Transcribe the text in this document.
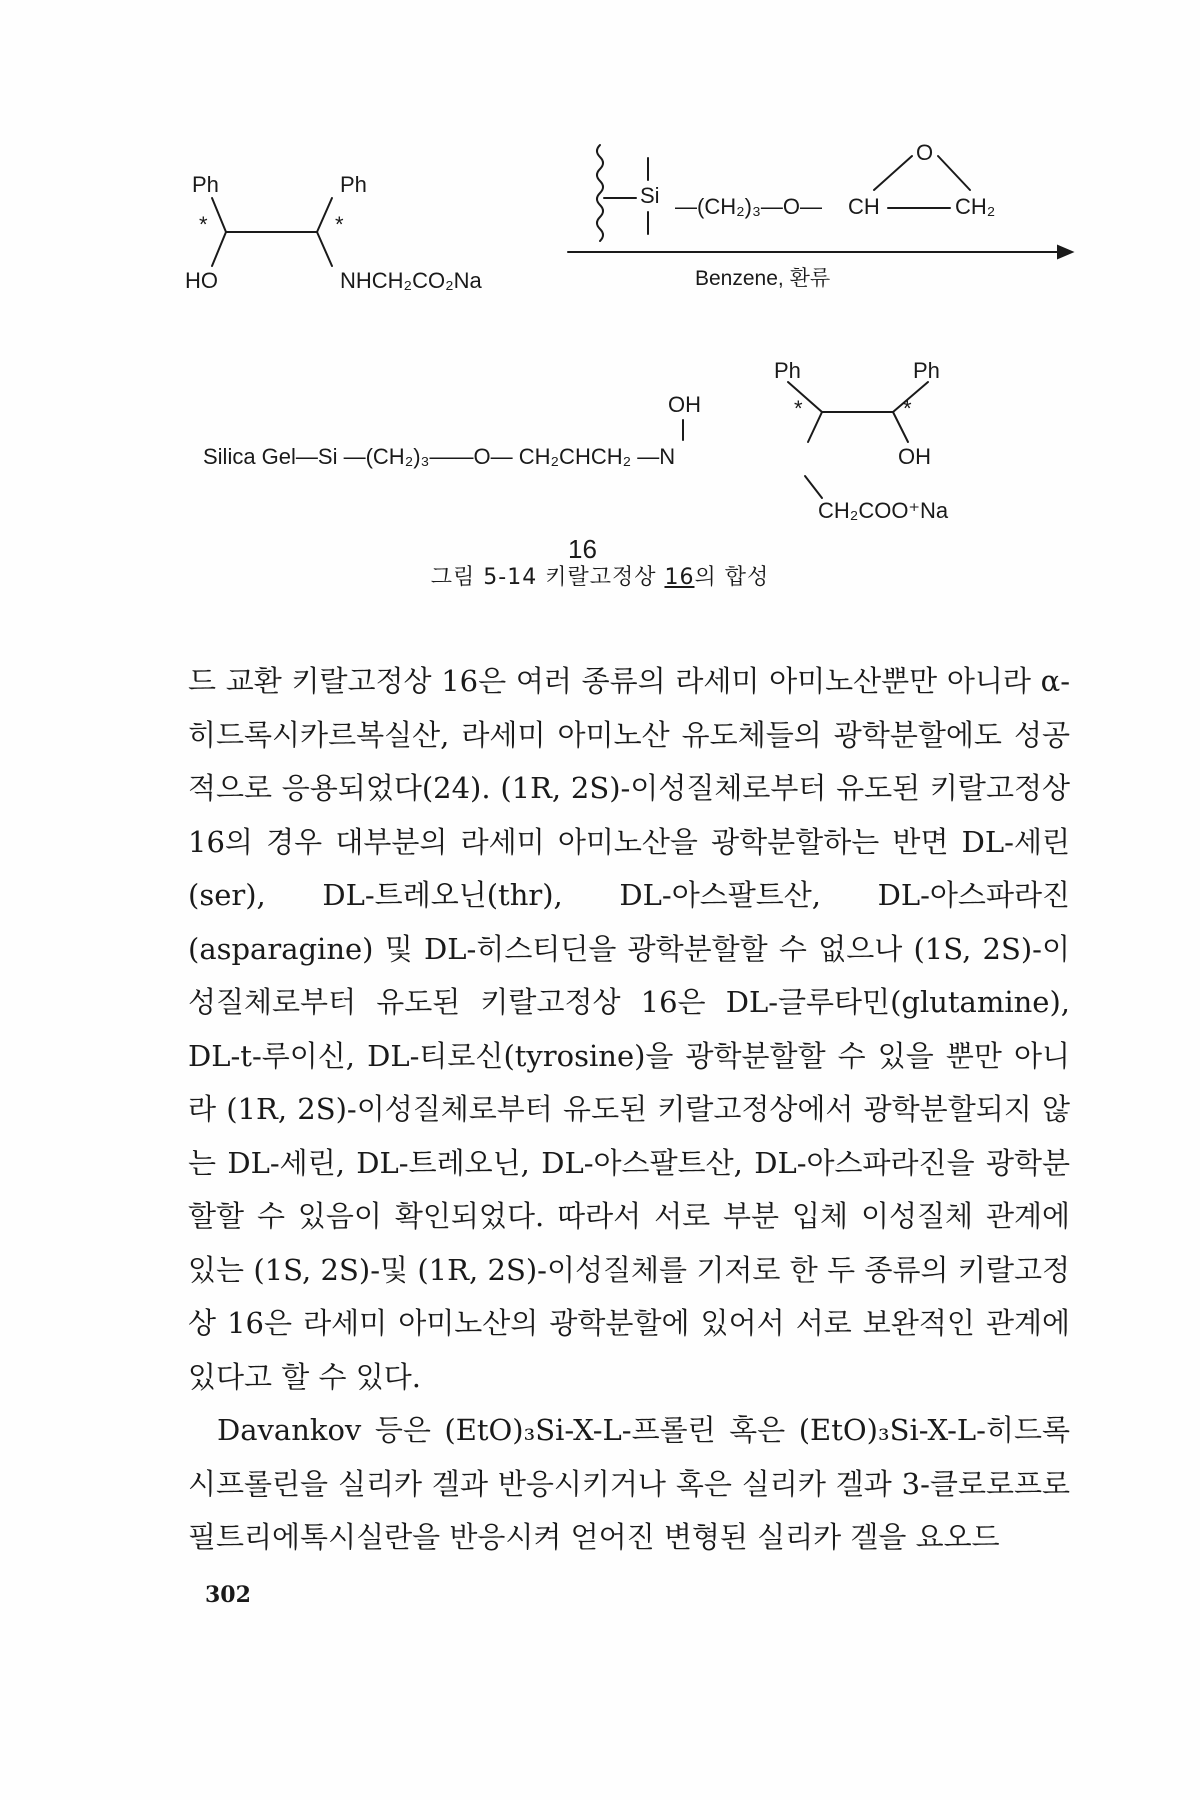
Ph	Ph
*	*
HO	NHCH₂CO₂Na
Si —(CH₂)₃—O— CH	CH₂
O
Benzene, 환류
Ph	Ph
OH	*	*
Silica Gel—Si —(CH₂)₃——O— CH₂CHCH₂ —N	OH
CH₂COO⁺Na
16
그림 5-14 키랄고정상 16의 합성

드 교환 키랄고정상 16은 여러 종류의 라세미 아미노산뿐만 아니라 α-히드록시카르복실산, 라세미 아미노산 유도체들의 광학분할에도 성공적으로 응용되었다(24). (1R, 2S)-이성질체로부터 유도된 키랄고정상 16의 경우 대부분의 라세미 아미노산을 광학분할하는 반면 DL-세린(ser), DL-트레오닌(thr), DL-아스팔트산, DL-아스파라진(asparagine) 및 DL-히스티딘을 광학분할할 수 없으나 (1S, 2S)-이성질체로부터 유도된 키랄고정상 16은 DL-글루타민(glutamine), DL-t-루이신, DL-티로신(tyrosine)을 광학분할할 수 있을 뿐만 아니라 (1R, 2S)-이성질체로부터 유도된 키랄고정상에서 광학분할되지 않는 DL-세린, DL-트레오닌, DL-아스팔트산, DL-아스파라진을 광학분할할 수 있음이 확인되었다. 따라서 서로 부분 입체 이성질체 관계에 있는 (1S, 2S)-및 (1R, 2S)-이성질체를 기저로 한 두 종류의 키랄고정상 16은 라세미 아미노산의 광학분할에 있어서 서로 보완적인 관계에 있다고 할 수 있다.

Davankov 등은 (EtO)₃Si-X-L-프롤린 혹은 (EtO)₃Si-X-L-히드록시프롤린을 실리카 겔과 반응시키거나 혹은 실리카 겔과 3-클로로프로필트리에톡시실란을 반응시켜 얻어진 변형된 실리카 겔을 요오드

302
